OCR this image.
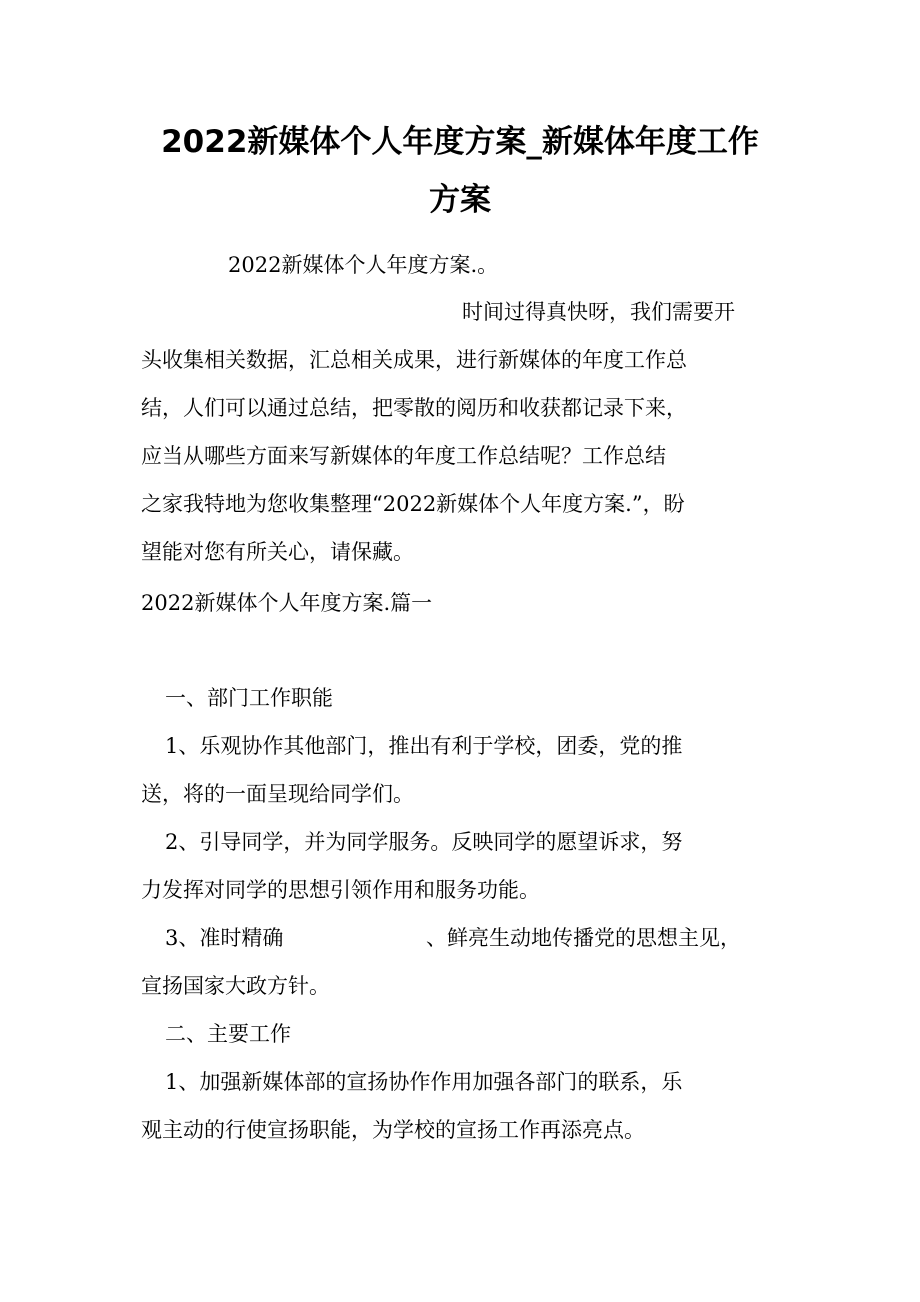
2022新媒体个人年度方案_新媒体年度工作
方案

2022新媒体个人年度方案.。

时间过得真快呀，我们需要开

头收集相关数据，汇总相关成果，进行新媒体的年度工作总

结，人们可以通过总结，把零散的阅历和收获都记录下来，

应当从哪些方面来写新媒体的年度工作总结呢？工作总结

之家我特地为您收集整理“2022新媒体个人年度方案.”，盼

望能对您有所关心，请保藏。

2022新媒体个人年度方案.篇一

一、部门工作职能

1、乐观协作其他部门，推出有利于学校，团委，党的推

送，将的一面呈现给同学们。

2、引导同学，并为同学服务。反映同学的愿望诉求，努

力发挥对同学的思想引领作用和服务功能。

3、准时精确	、鲜亮生动地传播党的思想主见，

宣扬国家大政方针。

二、主要工作

1、加强新媒体部的宣扬协作作用加强各部门的联系，乐

观主动的行使宣扬职能，为学校的宣扬工作再添亮点。
